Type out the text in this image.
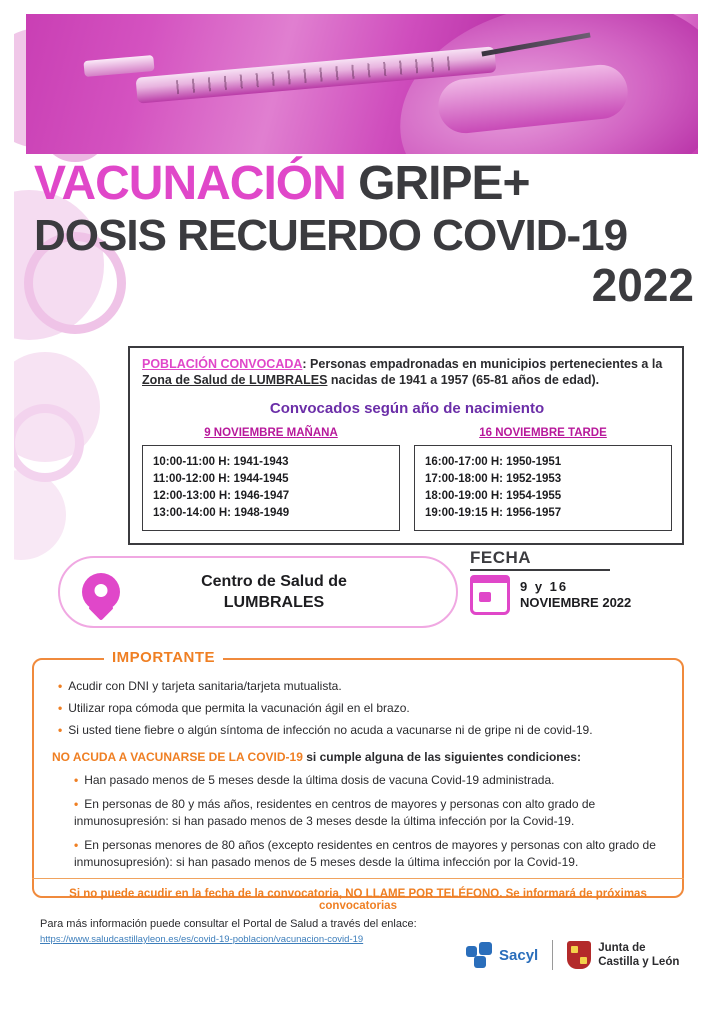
VACUNACIÓN GRIPE+
DOSIS RECUERDO COVID-19
2022
POBLACIÓN CONVOCADA: Personas empadronadas en municipios pertenecientes a la Zona de Salud de LUMBRALES nacidas de 1941 a 1957 (65-81 años de edad).
Convocados según año de nacimiento
9 NOVIEMBRE MAÑANA
10:00-11:00 H: 1941-1943
11:00-12:00 H: 1944-1945
12:00-13:00 H: 1946-1947
13:00-14:00 H: 1948-1949
16 NOVIEMBRE TARDE
16:00-17:00 H: 1950-1951
17:00-18:00 H: 1952-1953
18:00-19:00 H: 1954-1955
19:00-19:15 H: 1956-1957
Centro de Salud de
LUMBRALES
FECHA
9 y 16
NOVIEMBRE 2022
IMPORTANTE
• Acudir con DNI y tarjeta sanitaria/tarjeta mutualista.
• Utilizar ropa cómoda que permita la vacunación ágil en el brazo.
• Si usted tiene fiebre o algún síntoma de infección no acuda a vacunarse ni de gripe ni de covid-19.
NO ACUDA A VACUNARSE DE LA COVID-19 si cumple alguna de las siguientes condiciones:
• Han pasado menos de 5 meses desde la última dosis de vacuna Covid-19 administrada.
• En personas de 80 y más años, residentes en centros de mayores y personas con alto grado de inmunosupresión: si han pasado menos de 3 meses desde la última infección por la Covid-19.
• En personas menores de 80 años (excepto residentes en centros de mayores y personas con alto grado de inmunosupresión): si han pasado menos de 5 meses desde la última infección por la Covid-19.
Si no puede acudir en la fecha de la convocatoria, NO LLAME POR TELÉFONO. Se informará de próximas convocatorias
Para más información puede consultar el Portal de Salud a través del enlace:
https://www.saludcastillayleon.es/es/covid-19-poblacion/vacunacion-covid-19
Sacyl	Junta de
Castilla y León
